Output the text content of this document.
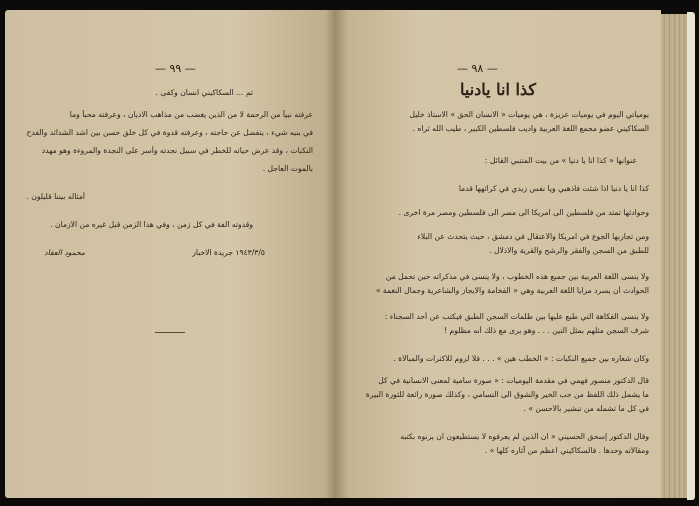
— ٩٩ —
ثم ... السكاكيني انسان وكفى .
عرفته نبياً من الرحمة لا من الذين يغضب من مذاهب الاديان ، وعرفته محباً وما
في بنيه شيء ، يتفضل عن حاجته ، وعرفته قدوة في كل خلق حسن بين اشد الشدائد والفدح
النكبات ، وقد عرض حياته للخطر في سبيل نجدته وأسر على النجدة والمروءة وهو مهدد
بالموت العاجل .
أمثاله بيننا قليلون .
وقدوته الفة في كل زمن ، وفي هذا الزمن قبل غيره من الازمان .
١٩٤٣/٣/٥ جريدة الاخبار
محمود العقاد
— ٩٨ —
كذا انا يادنيا
يومياتي اليوم في يوميات عزيزة ، هي يوميات « الانسان الحق » الاستاذ خليل
السكاكيني عضو مجمع اللغة العربية واديب فلسطين الكبير ، طيب الله ثراه .
عنوانها « كذا انا يا دنيا » من بيت المتنبي القائل :
كذا انا يا دنيا اذا شئت فاذهبي ويا نفس زيدي في كرائهها قدما
وحوادثها تمتد من فلسطين الى امريكا الى مصر الى فلسطين ومصر مرة اخرى .
ومن تجاربها الجوع في امريكا والاعتقال في دمشق ، حيث يتحدث عن البلاء
للطبق من السجن والفقر والرشح والقرية والاذلال .
ولا ينسى اللغة العربية بين جميع هذه الخطوب ، ولا ينسى في مذكراته حين تحمل من
الحوادث أن يسرد مزايا اللغة العربية وهي « الفخامة والايجاز والشاعرية وجمال النغمة »
ولا ينسى الفكاهة التي طبع عليها بين ظلمات السجن الطبق فيكتب عن أحد السجناء :
شرف السجن مثلهم بمثل التين . . . وهو يرى مع ذلك أنه مظلوم !
وكان شعاره بين جميع النكبات : « الخطب هين » . . . فلا لزوم للاكترات والمبالاة .
قال الدكتور منصور فهمي في مقدمة اليوميات : « صورة سامية لمعنى الانسانية في كل
ما يشمل ذلك اللفظ من حب الخير والشوق الى التسامي ، وكذلك صورة رائعة للثورة البيرة
في كل ما تشمله من تبشير بالاحسن » .
وقال الدكتور إسحق الحسيني « ان الذين لم يعرفوه لا يستطيعون ان يزنوه بكتبه
ومقالاته وحدها . فالسكاكيني اعظم من آثاره كلها » .
